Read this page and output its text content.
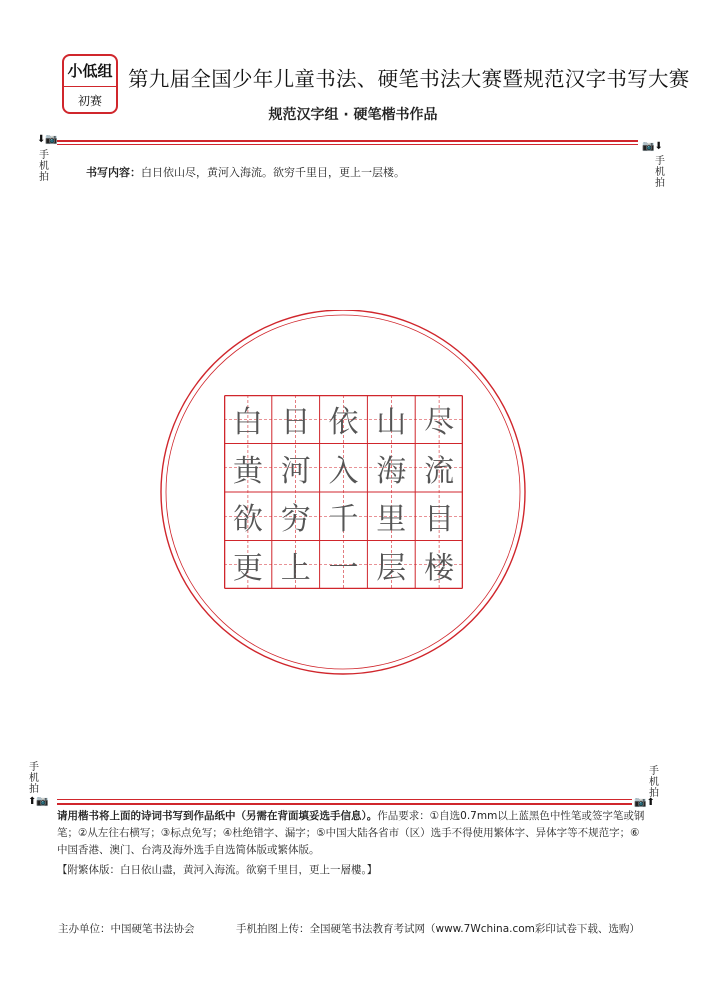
小低组
初赛
第九届全国少年儿童书法、硬笔书法大赛暨规范汉字书写大赛
规范汉字组 · 硬笔楷书作品
⬇📷
📷⬇
手机拍
手机拍
书写内容：白日依山尽，黄河入海流。欲穷千里目，更上一层楼。
白
黄
欲
更
日
河
穷
上
依
入
千
一
山
海
里
层
尽
流
目
楼
手机拍
手机拍
⬆📷	📷⬆
请用楷书将上面的诗词书写到作品纸中（另需在背面填妥选手信息）。作品要求：①自选0.7mm以上蓝黑色中性笔或签字笔或钢笔；②从左往右横写；③标点免写；④杜绝错字、漏字；⑤中国大陆各省市（区）选手不得使用繁体字、异体字等不规范字；⑥中国香港、澳门、台湾及海外选手自选简体版或繁体版。
【附繁体版：白日依山盡，黄河入海流。欲窮千里目，更上一層樓。】
主办单位：中国硬笔书法协会	手机拍图上传：全国硬笔书法教育考试网（www.7Wchina.com彩印试卷下载、选购）
